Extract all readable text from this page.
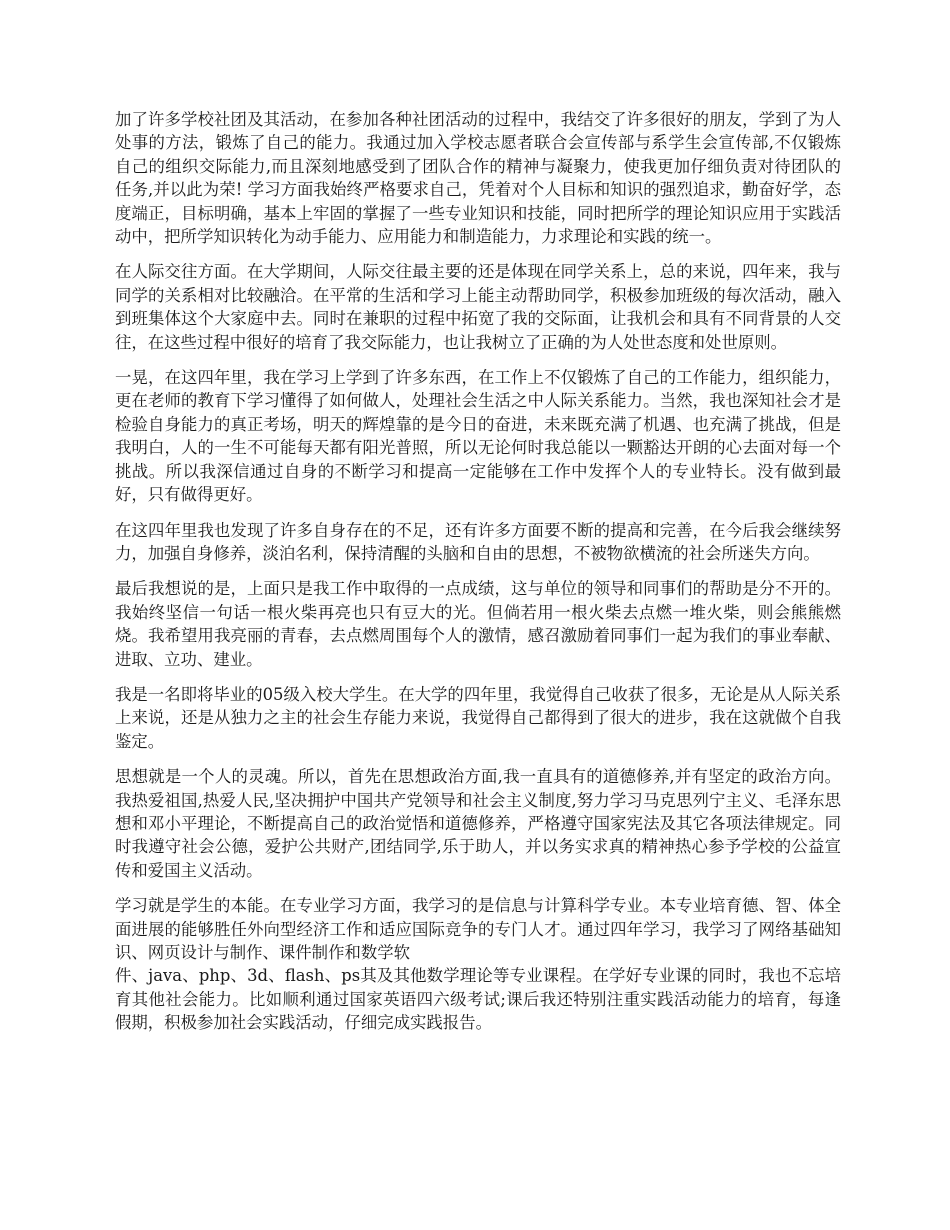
加了许多学校社团及其活动，在参加各种社团活动的过程中，我结交了许多很好的朋友，学到了为人处事的方法，锻炼了自己的能力。我通过加入学校志愿者联合会宣传部与系学生会宣传部,不仅锻炼自己的组织交际能力,而且深刻地感受到了团队合作的精神与凝聚力，使我更加仔细负责对待团队的任务,并以此为荣! 学习方面我始终严格要求自己，凭着对个人目标和知识的强烈追求，勤奋好学，态度端正，目标明确，基本上牢固的掌握了一些专业知识和技能，同时把所学的理论知识应用于实践活动中，把所学知识转化为动手能力、应用能力和制造能力，力求理论和实践的统一。

在人际交往方面。在大学期间，人际交往最主要的还是体现在同学关系上，总的来说，四年来，我与同学的关系相对比较融洽。在平常的生活和学习上能主动帮助同学，积极参加班级的每次活动，融入到班集体这个大家庭中去。同时在兼职的过程中拓宽了我的交际面，让我机会和具有不同背景的人交往，在这些过程中很好的培育了我交际能力，也让我树立了正确的为人处世态度和处世原则。

一晃，在这四年里，我在学习上学到了许多东西，在工作上不仅锻炼了自己的工作能力，组织能力，更在老师的教育下学习懂得了如何做人，处理社会生活之中人际关系能力。当然，我也深知社会才是检验自身能力的真正考场，明天的辉煌靠的是今日的奋进，未来既充满了机遇、也充满了挑战，但是我明白，人的一生不可能每天都有阳光普照，所以无论何时我总能以一颗豁达开朗的心去面对每一个挑战。所以我深信通过自身的不断学习和提高一定能够在工作中发挥个人的专业特长。没有做到最好，只有做得更好。

在这四年里我也发现了许多自身存在的不足，还有许多方面要不断的提高和完善，在今后我会继续努力，加强自身修养，淡泊名利，保持清醒的头脑和自由的思想，不被物欲横流的社会所迷失方向。

最后我想说的是，上面只是我工作中取得的一点成绩，这与单位的领导和同事们的帮助是分不开的。我始终坚信一句话一根火柴再亮也只有豆大的光。但倘若用一根火柴去点燃一堆火柴，则会熊熊燃烧。我希望用我亮丽的青春，去点燃周围每个人的激情，感召激励着同事们一起为我们的事业奉献、进取、立功、建业。

我是一名即将毕业的05级入校大学生。在大学的四年里，我觉得自己收获了很多，无论是从人际关系上来说，还是从独力之主的社会生存能力来说，我觉得自己都得到了很大的进步，我在这就做个自我鉴定。

思想就是一个人的灵魂。所以，首先在思想政治方面,我一直具有的道德修养,并有坚定的政治方向。我热爱祖国,热爱人民,坚决拥护中国共产党领导和社会主义制度,努力学习马克思列宁主义、毛泽东思想和邓小平理论，不断提高自己的政治觉悟和道德修养，严格遵守国家宪法及其它各项法律规定。同时我遵守社会公德，爱护公共财产,团结同学,乐于助人，并以务实求真的精神热心参予学校的公益宣传和爱国主义活动。

学习就是学生的本能。在专业学习方面，我学习的是信息与计算科学专业。本专业培育德、智、体全面进展的能够胜任外向型经济工作和适应国际竞争的专门人才。通过四年学习，我学习了网络基础知识、网页设计与制作、课件制作和数学软
件、java、php、3d、flash、ps其及其他数学理论等专业课程。在学好专业课的同时，我也不忘培育其他社会能力。比如顺利通过国家英语四六级考试;课后我还特别注重实践活动能力的培育，每逢假期，积极参加社会实践活动，仔细完成实践报告。
